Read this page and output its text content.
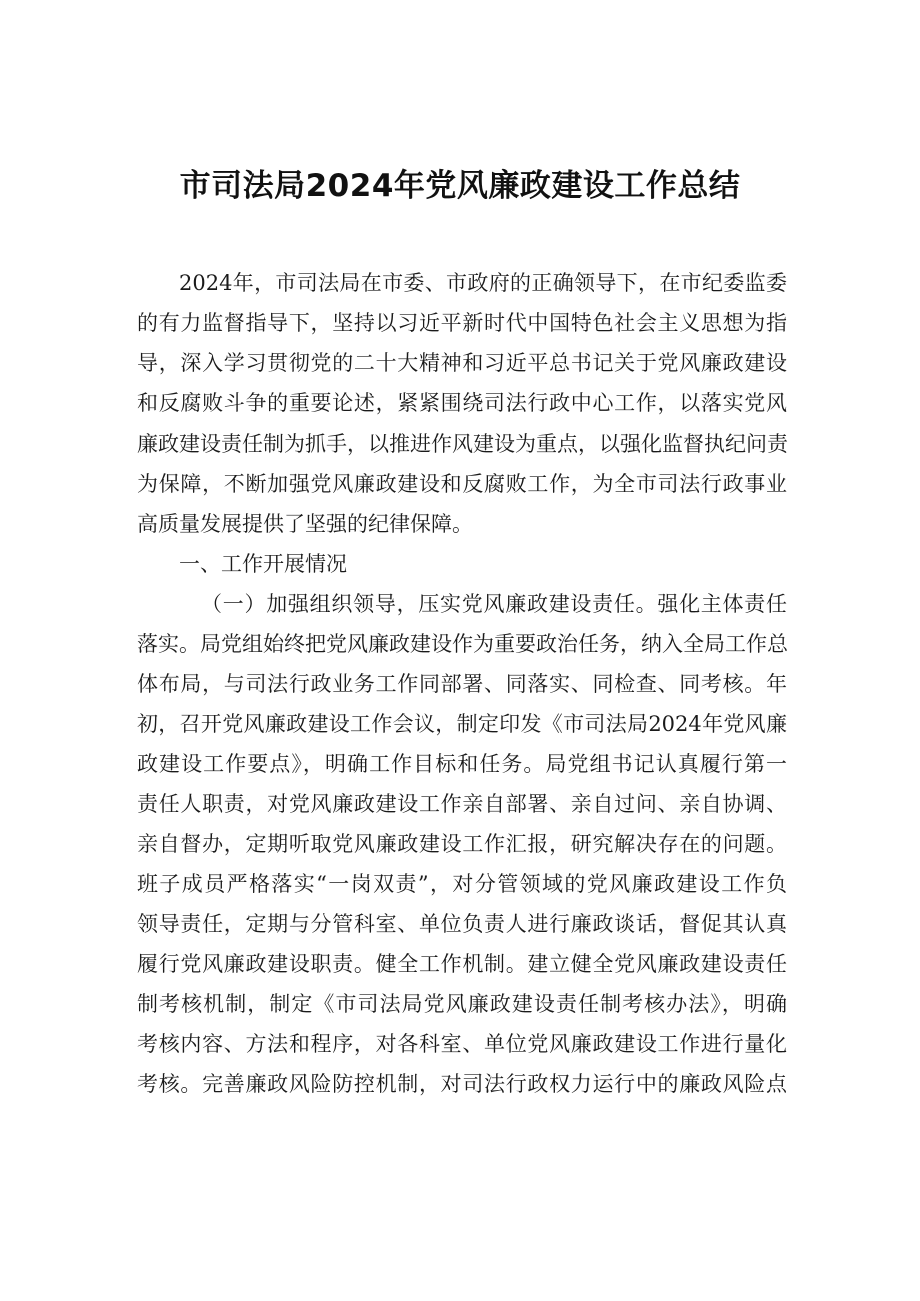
市司法局2024年党风廉政建设工作总结

2024年，市司法局在市委、市政府的正确领导下，在市纪委监委

的有力监督指导下，坚持以习近平新时代中国特色社会主义思想为指

导，深入学习贯彻党的二十大精神和习近平总书记关于党风廉政建设

和反腐败斗争的重要论述，紧紧围绕司法行政中心工作，以落实党风

廉政建设责任制为抓手，以推进作风建设为重点，以强化监督执纪问责

为保障，不断加强党风廉政建设和反腐败工作，为全市司法行政事业

高质量发展提供了坚强的纪律保障。

一、工作开展情况

（一）加强组织领导，压实党风廉政建设责任。强化主体责任

落实。局党组始终把党风廉政建设作为重要政治任务，纳入全局工作总

体布局，与司法行政业务工作同部署、同落实、同检查、同考核。年

初，召开党风廉政建设工作会议，制定印发《市司法局2024年党风廉

政建设工作要点》，明确工作目标和任务。局党组书记认真履行第一

责任人职责，对党风廉政建设工作亲自部署、亲自过问、亲自协调、

亲自督办，定期听取党风廉政建设工作汇报，研究解决存在的问题。

班子成员严格落实“一岗双责”，对分管领域的党风廉政建设工作负

领导责任，定期与分管科室、单位负责人进行廉政谈话，督促其认真

履行党风廉政建设职责。健全工作机制。建立健全党风廉政建设责任

制考核机制，制定《市司法局党风廉政建设责任制考核办法》，明确

考核内容、方法和程序，对各科室、单位党风廉政建设工作进行量化

考核。完善廉政风险防控机制，对司法行政权力运行中的廉政风险点
